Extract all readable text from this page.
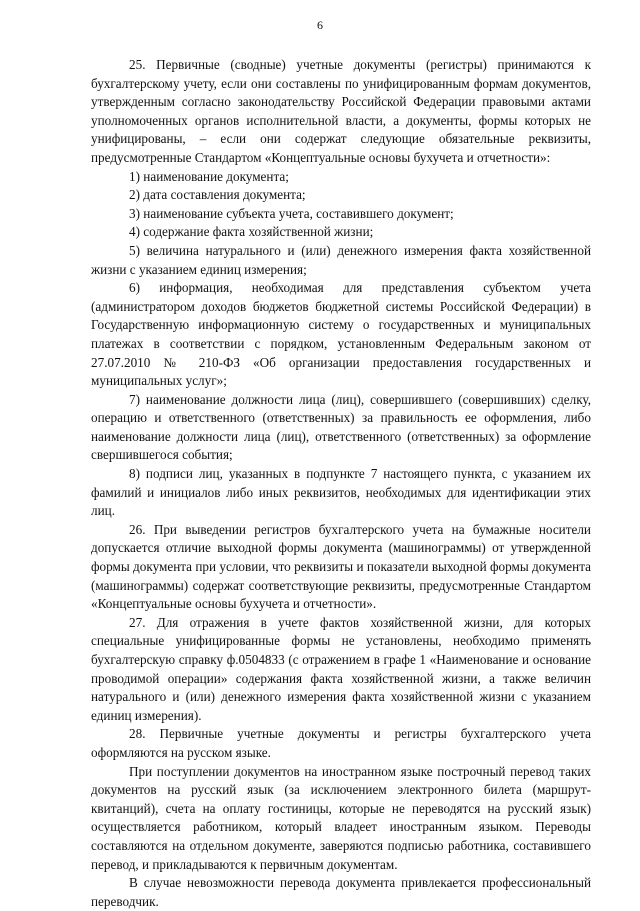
6

25. Первичные (сводные) учетные документы (регистры) принимаются к бухгалтерскому учету, если они составлены по унифицированным формам документов, утвержденным согласно законодательству Российской Федерации правовыми актами уполномоченных органов исполнительной власти, а документы, формы которых не унифицированы, – если они содержат следующие обязательные реквизиты, предусмотренные Стандартом «Концептуальные основы бухучета и отчетности»:

1) наименование документа;

2) дата составления документа;

3) наименование субъекта учета, составившего документ;

4) содержание факта хозяйственной жизни;

5) величина натурального и (или) денежного измерения факта хозяйственной жизни с указанием единиц измерения;

6) информация, необходимая для представления субъектом учета (администратором доходов бюджетов бюджетной системы Российской Федерации) в Государственную информационную систему о государственных и муниципальных платежах в соответствии с порядком, установленным Федеральным законом от 27.07.2010 № 210-ФЗ «Об организации предоставления государственных и муниципальных услуг»;

7) наименование должности лица (лиц), совершившего (совершивших) сделку, операцию и ответственного (ответственных) за правильность ее оформления, либо наименование должности лица (лиц), ответственного (ответственных) за оформление свершившегося события;

8) подписи лиц, указанных в подпункте 7 настоящего пункта, с указанием их фамилий и инициалов либо иных реквизитов, необходимых для идентификации этих лиц.

26. При выведении регистров бухгалтерского учета на бумажные носители допускается отличие выходной формы документа (машинограммы) от утвержденной формы документа при условии, что реквизиты и показатели выходной формы документа (машинограммы) содержат соответствующие реквизиты, предусмотренные Стандартом «Концептуальные основы бухучета и отчетности».

27. Для отражения в учете фактов хозяйственной жизни, для которых специальные унифицированные формы не установлены, необходимо применять бухгалтерскую справку ф.0504833 (с отражением в графе 1 «Наименование и основание проводимой операции» содержания факта хозяйственной жизни, а также величин натурального и (или) денежного измерения факта хозяйственной жизни с указанием единиц измерения).

28. Первичные учетные документы и регистры бухгалтерского учета оформляются на русском языке.

При поступлении документов на иностранном языке построчный перевод таких документов на русский язык (за исключением электронного билета (маршрут-квитанций), счета на оплату гостиницы, которые не переводятся на русский язык) осуществляется работником, который владеет иностранным языком. Переводы составляются на отдельном документе, заверяются подписью работника, составившего перевод, и прикладываются к первичным документам.

В случае невозможности перевода документа привлекается профессиональный переводчик.
